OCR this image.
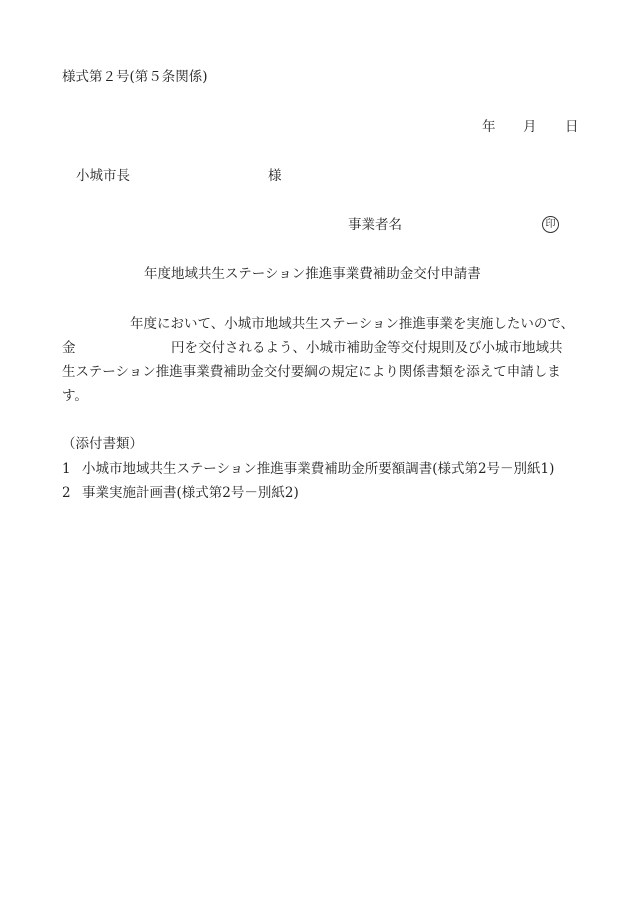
様式第２号(第５条関係)
年 月 日
小城市長	様
事業者名	印
年度地域共生ステーション推進事業費補助金交付申請書
年度において、小城市地域共生ステーション推進事業を実施したいので、
金	円を交付されるよう、小城市補助金等交付規則及び小城市地域共
生ステーション推進事業費補助金交付要綱の規定により関係書類を添えて申請しま
す。
（添付書類）
1 小城市地域共生ステーション推進事業費補助金所要額調書(様式第2号－別紙1)
2 事業実施計画書(様式第2号－別紙2)
